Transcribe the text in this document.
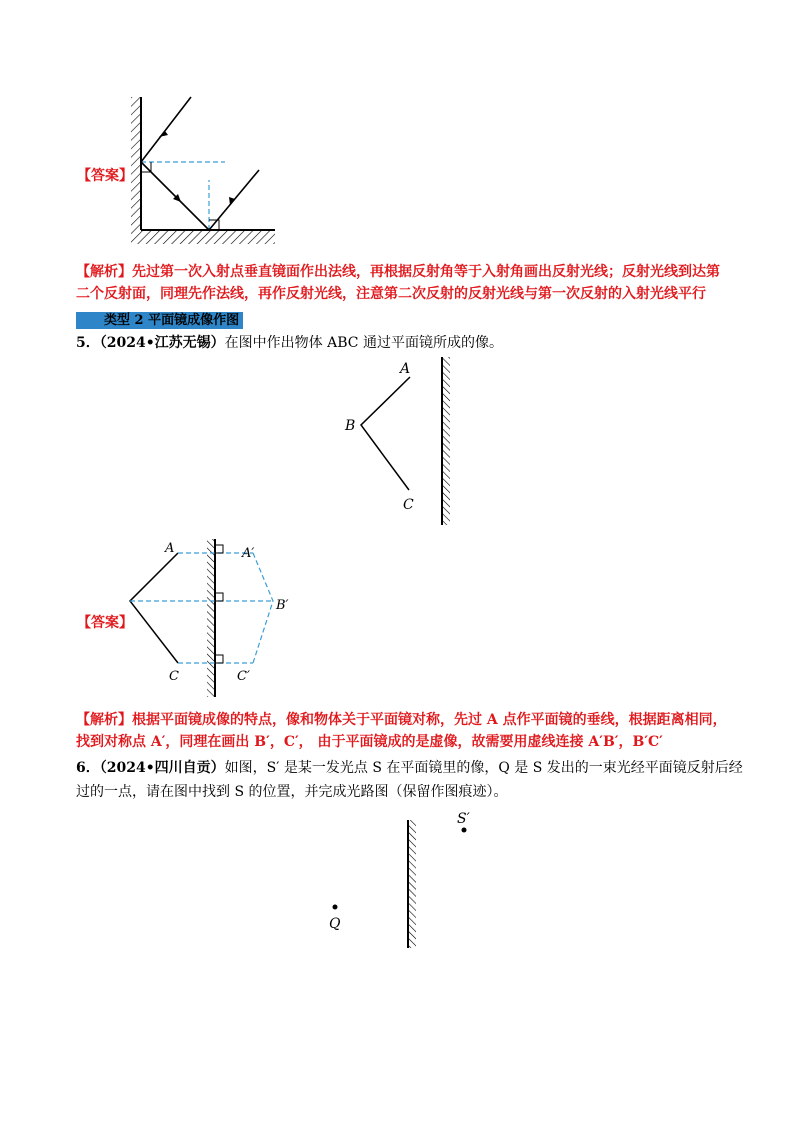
【答案】
【解析】先过第一次入射点垂直镜面作出法线，再根据反射角等于入射角画出反射光线；反射光线到达第
二个反射面，同理先作法线，再作反射光线，注意第二次反射的反射光线与第一次反射的入射光线平行
类型 2 平面镜成像作图
5．（2024•江苏无锡）在图中作出物体 ABC 通过平面镜所成的像。
A
B
C
A
C
A′
B′
C′
【答案】
【解析】根据平面镜成像的特点，像和物体关于平面镜对称，先过 A 点作平面镜的垂线，根据距离相同，
找到对称点 A′，同理在画出 B′，C′， 由于平面镜成的是虚像，故需要用虚线连接 A′B′，B′C′
6．（2024•四川自贡）如图，S′ 是某一发光点 S 在平面镜里的像，Q 是 S 发出的一束光经平面镜反射后经
过的一点，请在图中找到 S 的位置，并完成光路图（保留作图痕迹）。
S′
Q
